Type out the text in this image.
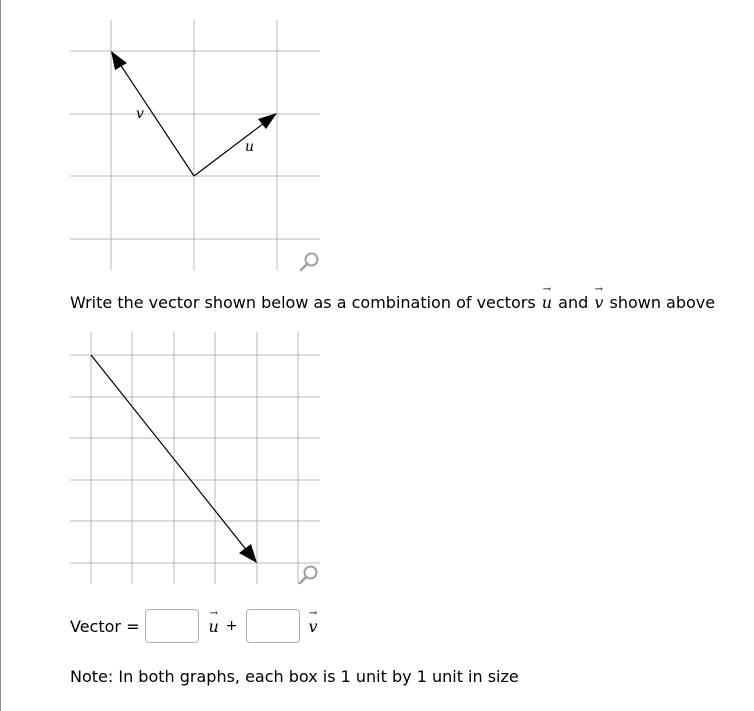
v
u
Write the vector shown below as a combination of vectors → u and → v shown above
Vector =	→ u +	→ v
Note: In both graphs, each box is 1 unit by 1 unit in size
